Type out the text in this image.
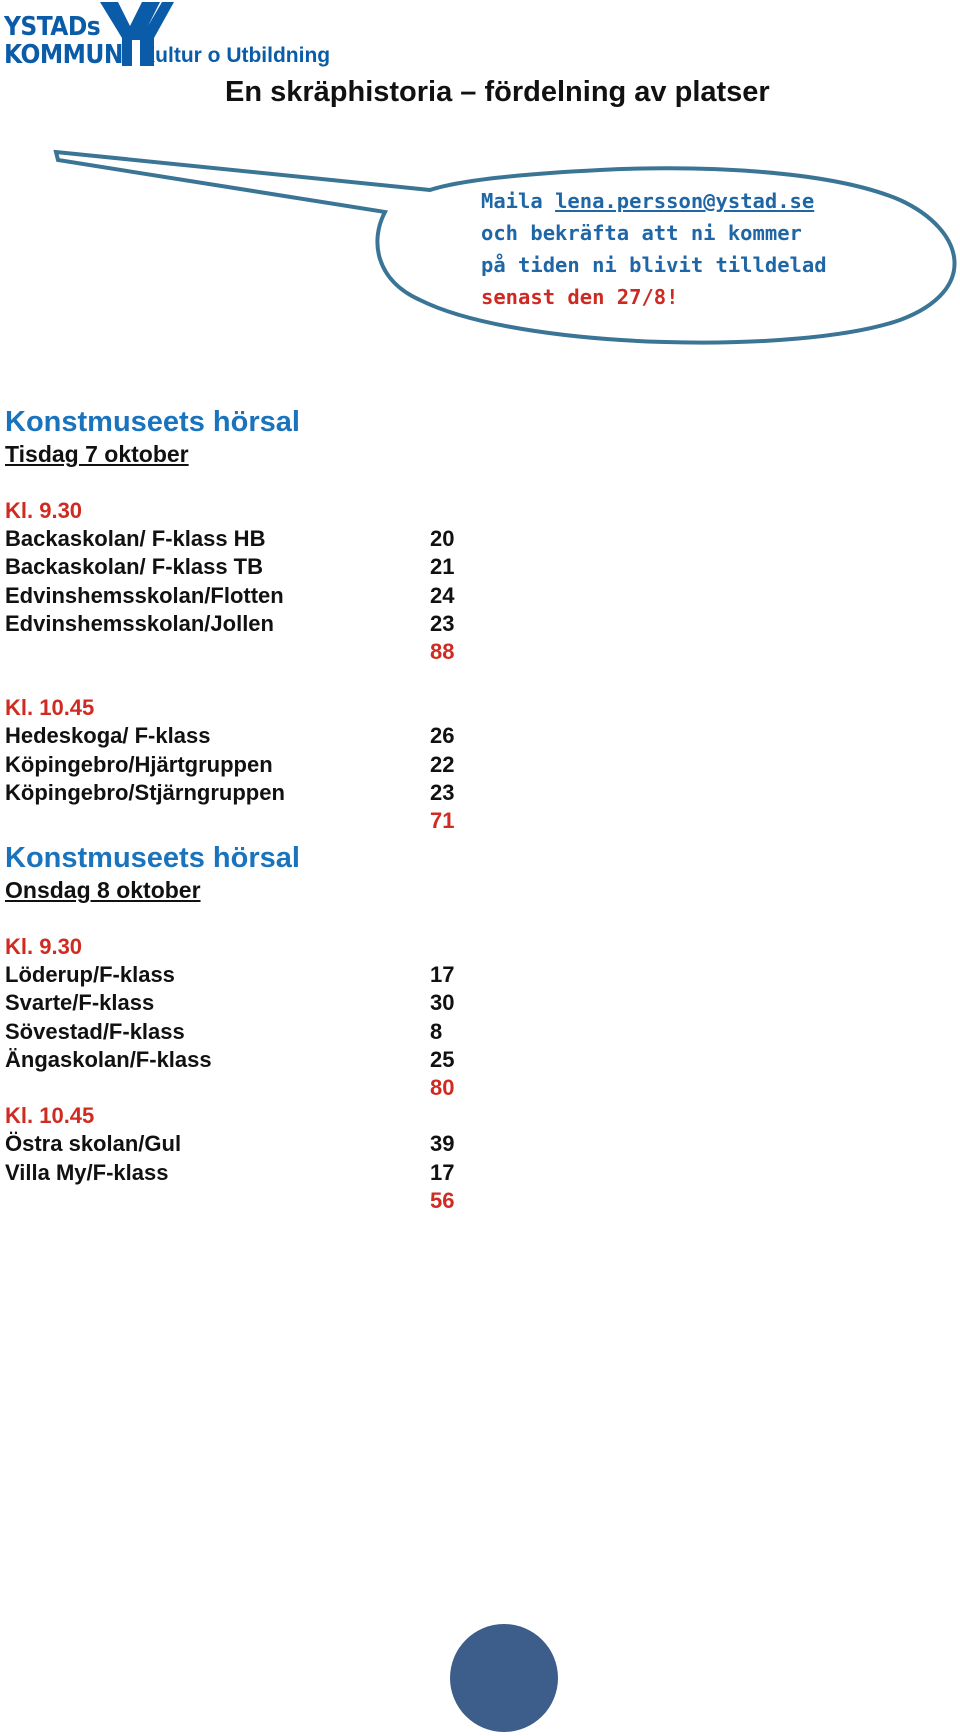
YSTADs
KOMMUN Kultur o Utbildning
En skräphistoria – fördelning av platser
Maila lena.persson@ystad.se
och bekräfta att ni kommer
på tiden ni blivit tilldelad
senast den 27/8!
Konstmuseets hörsal
Tisdag 7 oktober
Kl. 9.30
Backaskolan/ F-klass HB	20
Backaskolan/ F-klass TB	21
Edvinshemsskolan/Flotten	24
Edvinshemsskolan/Jollen	23
88
Kl. 10.45
Hedeskoga/ F-klass	26
Köpingebro/Hjärtgruppen	22
Köpingebro/Stjärngruppen	23
71
Konstmuseets hörsal
Onsdag 8 oktober
Kl. 9.30
Löderup/F-klass	17
Svarte/F-klass	30
Sövestad/F-klass	8
Ängaskolan/F-klass	25
80
Kl. 10.45
Östra skolan/Gul	39
Villa My/F-klass	17
56
